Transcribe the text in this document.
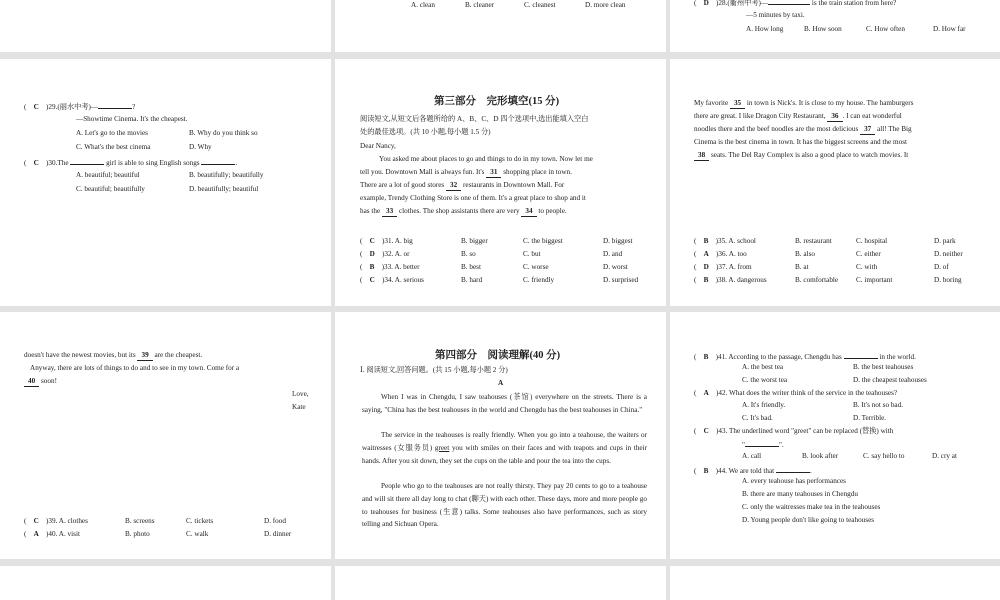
A. clean	B. cleaner	C. cleanest	D. more clean	(　D　 )28.(衢州中考)—	is the train station from here?
—5 minutes by taxi.
A. How long	B. How soon	C. How often	D. How far
(　C　 )29.(丽水中考)—	?
—Showtime Cinema. It's the cheapest.
A. Let's go to the movies	B. Why do you think so
C. What's the best cinema	D. Why
(　C　 )30.The	girl is able to sing English songs	.
A. beautiful; beautiful	B. beautifully; beautifully
C. beautiful; beautifully	D. beautifully; beautiful
第三部分　完形填空(15 分)
阅读短文,从短文后各题所给的 A、B、C、D 四个选项中,选出能填入空白
处的最佳选项。(共 10 小题,每小题 1.5 分)
Dear Nancy,
You asked me about places to go and things to do in my town. Now let me
tell you. Downtown Mall is always fun. It's 31 shopping place in town.
There are a lot of good stores 32 restaurants in Downtown Mall. For
example, Trendy Clothing Store is one of them. It's a great place to shop and it
has the 33 clothes. The shop assistants there are very 34 to people.
(　C　 )31. A. big	B. bigger	C. the biggest	D. biggest
(　D　 )32. A. or	B. so	C. but	D. and
(　B　 )33. A. better	B. best	C. worse	D. worst
(　C　 )34. A. serious	B. hard	C. friendly	D. surprised
My favorite 35 in town is Nick's. It is close to my house. The hamburgers
there are great. I like Dragon City Restaurant, 36 . I can eat wonderful
noodles there and the beef noodles are the most delicious 37 all! The Big
Cinema is the best cinema in town. It has the biggest screens and the most
38 seats. The Del Ray Complex is also a good place to watch movies. It
(　B　 )35. A. school	B. restaurant	C. hospital	D. park
(　A　 )36. A. too	B. also	C. either	D. neither
(　D　 )37. A. from	B. at	C. with	D. of
(　B　 )38. A. dangerous	B. comfortable C. important	D. boring
doesn't have the newest movies, but its 39 are the cheapest.
Anyway, there are lots of things to do and to see in my town. Come for a
40 soon!
Love,
Kate
(　C　 )39. A. clothes	B. screens	C. tickets	D. food
(　A　 )40. A. visit	B. photo	C. walk	D. dinner
第四部分　阅读理解(40 分)
Ⅰ. 阅读短文,回答问题。(共 15 小题,每小题 2 分)
A
When I was in Chengdu, I saw teahouses (茶馆) everywhere on the streets. There is a saying, "China has the best teahouses in the world and Chengdu has the best teahouses in China."
The service in the teahouses is really friendly. When you go into a teahouse, the waiters or waitresses (女服务员) greet you with smiles on their faces and with teapots and cups in their hands. After you sit down, they set the cups on the table and pour the tea into the cups.
People who go to the teahouses are not really thirsty. They pay 20 cents to go to a teahouse and will sit there all day long to chat (聊天) with each other. These days, more and more people go to teahouses for business (生意) talks. Some teahouses also have performances, such as story telling and Sichuan Opera.
(　B　 )41. According to the passage, Chengdu has	in the world.
A. the best tea	B. the best teahouses
C. the worst tea	D. the cheapest teahouses
(　A　 )42. What does the writer think of the service in the teahouses?
A. It's friendly.	B. It's not so bad.
C. It's bad.	D. Terrible.
(　C　 )43. The underlined word "greet" can be replaced (替换) with
"	".
A. call	B. look after	C. say hello to	D. cry at
(　B　 )44. We are told that	.
A. every teahouse has performances
B. there are many teahouses in Chengdu
C. only the waitresses make tea in the teahouses
D. Young people don't like going to teahouses
